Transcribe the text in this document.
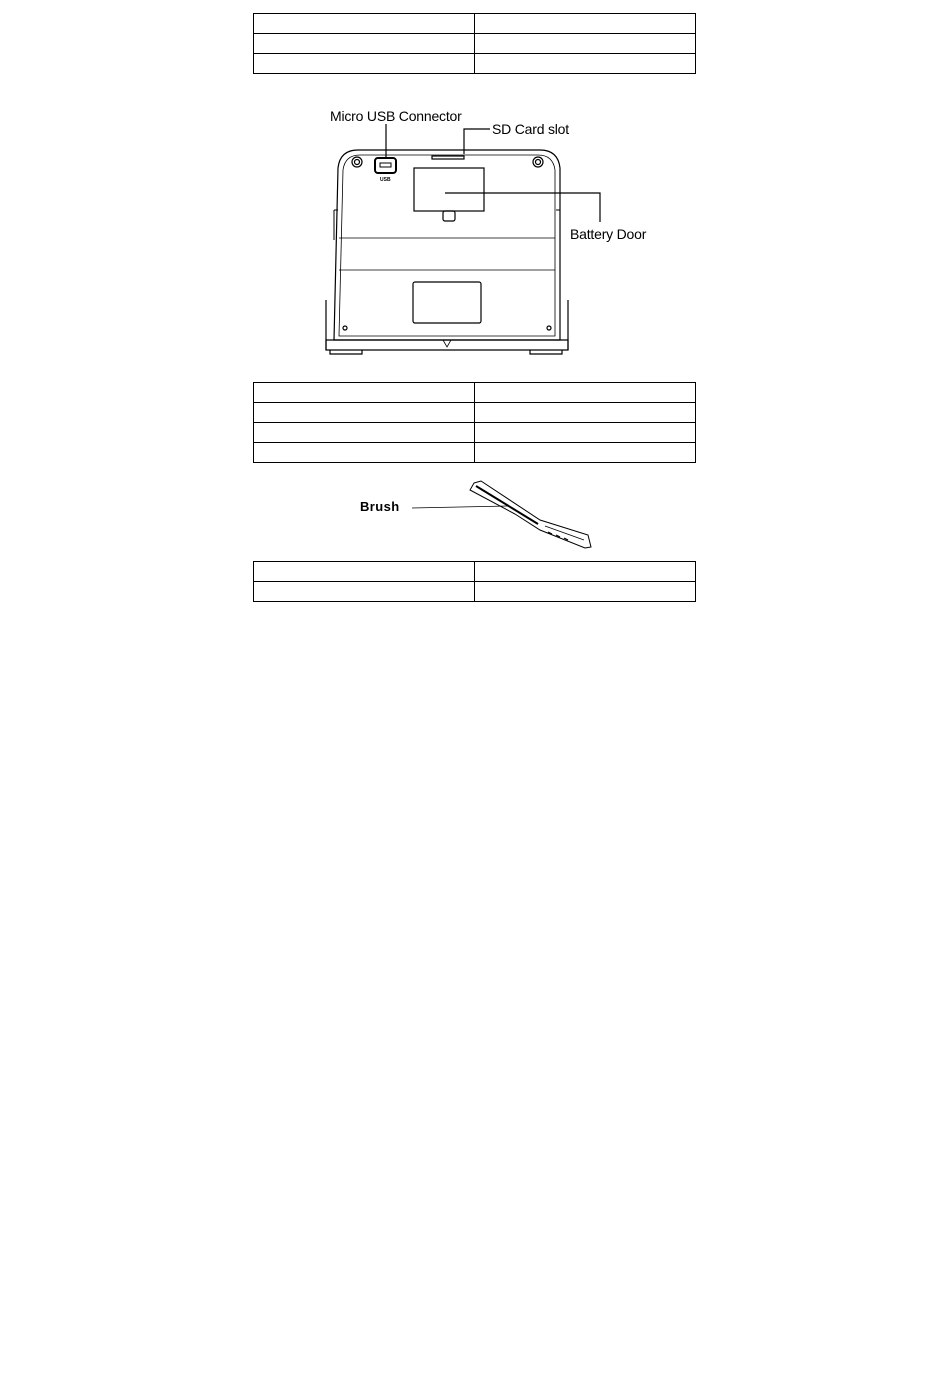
USB
Micro USB Connector
SD Card slot
Battery Door

Brush
